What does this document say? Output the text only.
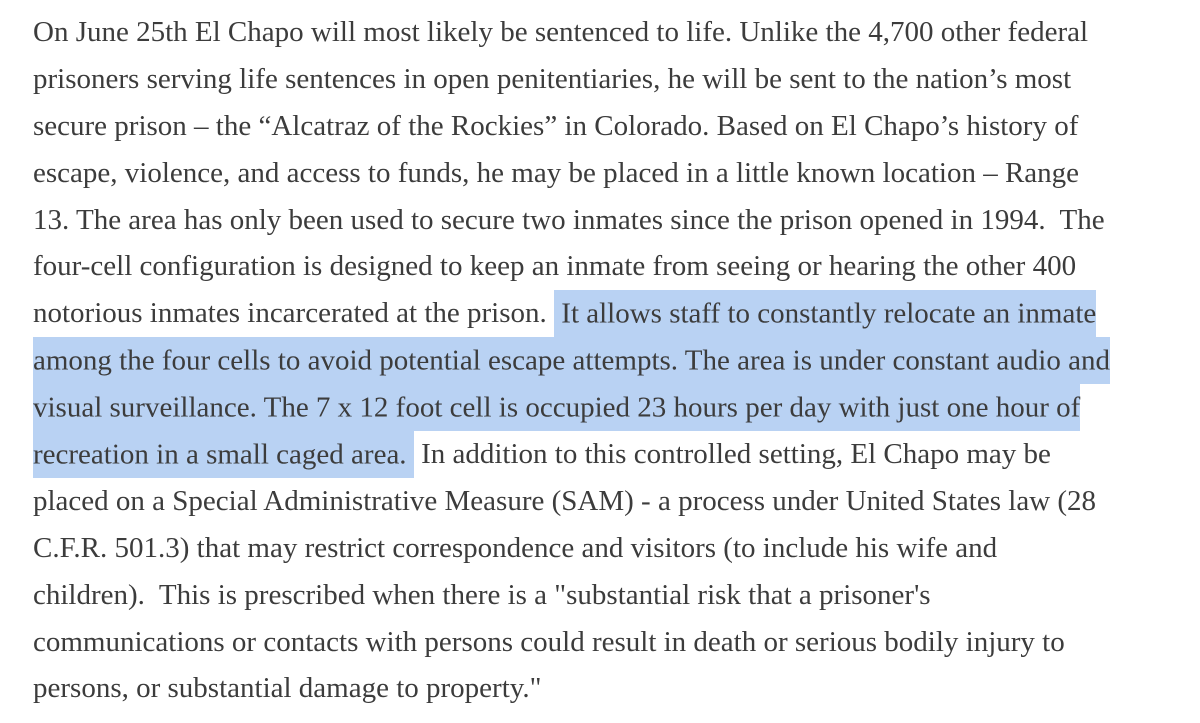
On June 25th El Chapo will most likely be sentenced to life. Unlike the 4,700 other federal
prisoners serving life sentences in open penitentiaries, he will be sent to the nation’s most
secure prison – the “Alcatraz of the Rockies” in Colorado. Based on El Chapo’s history of
escape, violence, and access to funds, he may be placed in a little known location – Range
13. The area has only been used to secure two inmates since the prison opened in 1994.  The
four-cell configuration is designed to keep an inmate from seeing or hearing the other 400
notorious inmates incarcerated at the prison.  It allows staff to constantly relocate an inmate
among the four cells to avoid potential escape attempts. The area is under constant audio and
visual surveillance. The 7 x 12 foot cell is occupied 23 hours per day with just one hour of
recreation in a small caged area.  In addition to this controlled setting, El Chapo may be
placed on a Special Administrative Measure (SAM) - a process under United States law (28
C.F.R. 501.3) that may restrict correspondence and visitors (to include his wife and
children).  This is prescribed when there is a "substantial risk that a prisoner's
communications or contacts with persons could result in death or serious bodily injury to
persons, or substantial damage to property."
